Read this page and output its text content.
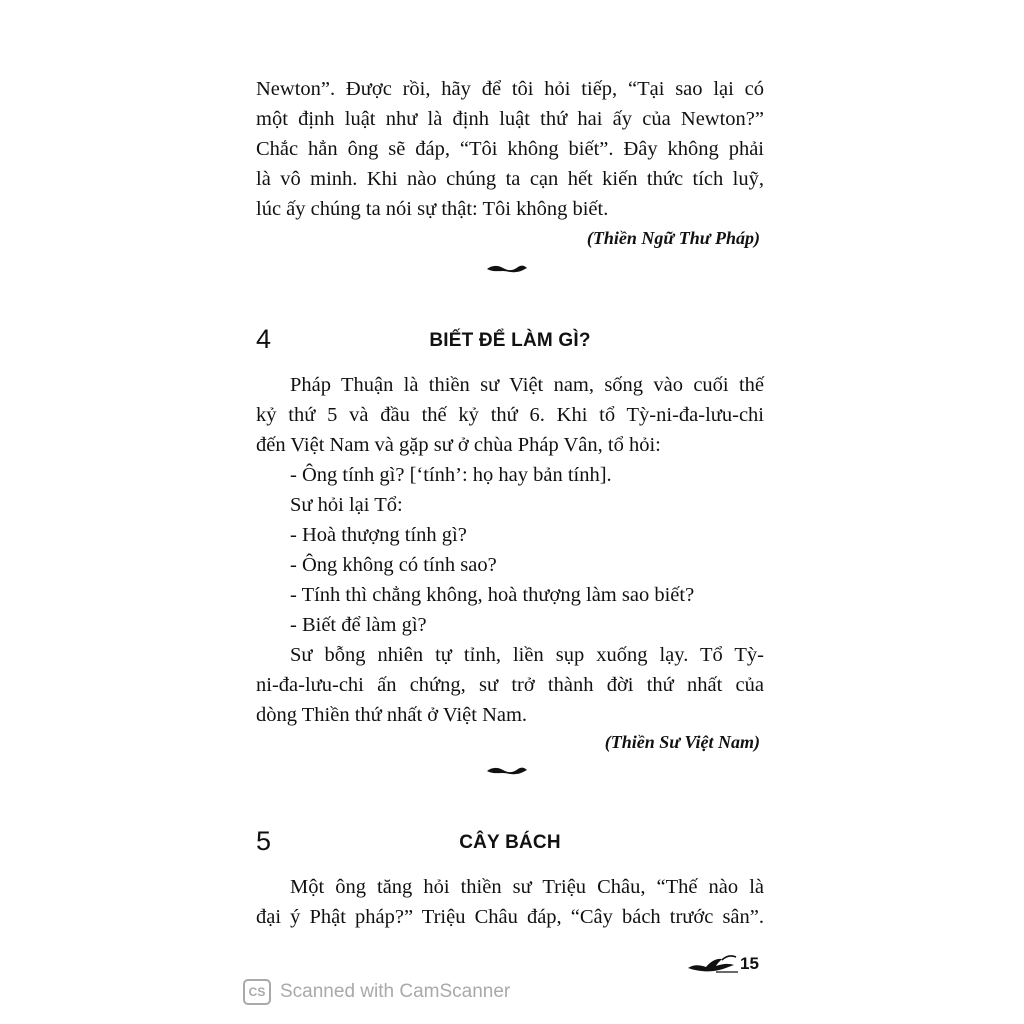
Newton”. Được rồi, hãy để tôi hỏi tiếp, “Tại sao lại có
một định luật như là định luật thứ hai ấy của Newton?”
Chắc hẳn ông sẽ đáp, “Tôi không biết”. Đây không phải
là vô minh. Khi nào chúng ta cạn hết kiến thức tích luỹ,
lúc ấy chúng ta nói sự thật: Tôi không biết.
(Thiền Ngữ Thư Pháp)
4	BIẾT ĐỂ LÀM GÌ?
Pháp Thuận là thiền sư Việt nam, sống vào cuối thế
kỷ thứ 5 và đầu thế kỷ thứ 6. Khi tổ Tỳ-ni-đa-lưu-chi
đến Việt Nam và gặp sư ở chùa Pháp Vân, tổ hỏi:
- Ông tính gì? [‘tính’: họ hay bản tính].
Sư hỏi lại Tổ:
- Hoà thượng tính gì?
- Ông không có tính sao?
- Tính thì chẳng không, hoà thượng làm sao biết?
- Biết để làm gì?
Sư bỗng nhiên tự tỉnh, liền sụp xuống lạy. Tổ Tỳ-
ni-đa-lưu-chi ấn chứng, sư trở thành đời thứ nhất của
dòng Thiền thứ nhất ở Việt Nam.
(Thiền Sư Việt Nam)
5	CÂY BÁCH
Một ông tăng hỏi thiền sư Triệu Châu, “Thế nào là
đại ý Phật pháp?” Triệu Châu đáp, “Cây bách trước sân”.
15
CS Scanned with CamScanner
